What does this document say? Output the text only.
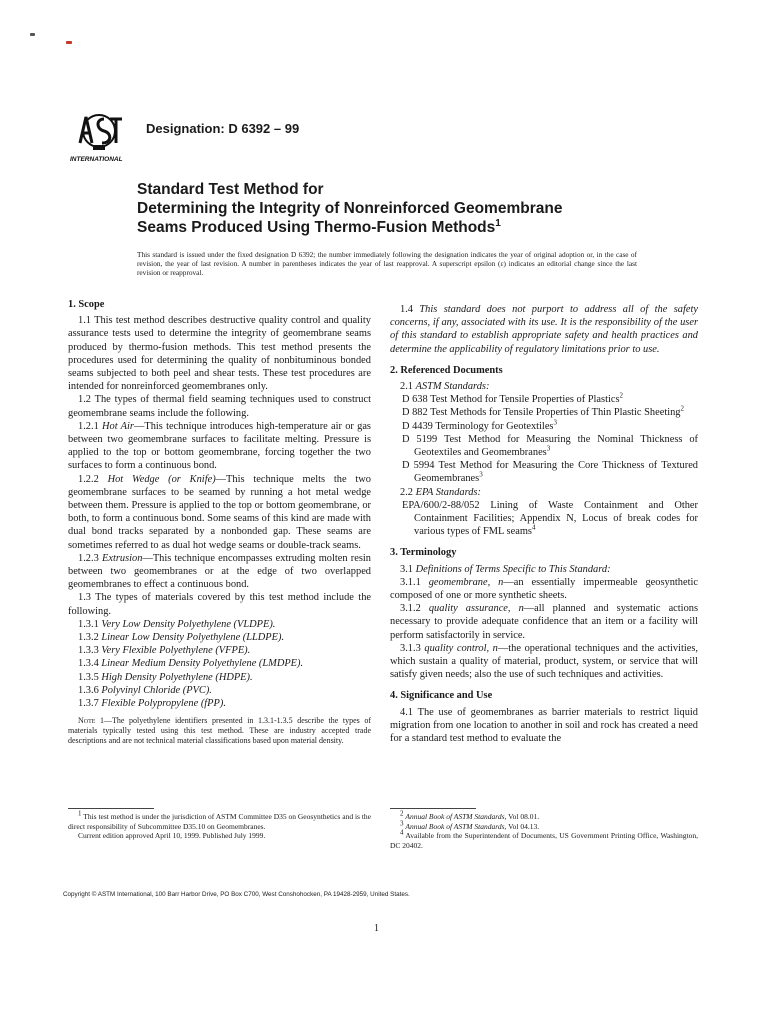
INTERNATIONAL
Designation: D 6392 – 99
Standard Test Method for
Determining the Integrity of Nonreinforced Geomembrane
Seams Produced Using Thermo-Fusion Methods$^1$
This standard is issued under the fixed designation D 6392; the number immediately following the designation indicates the year of original adoption or, in the case of revision, the year of last revision. A number in parentheses indicates the year of last reapproval. A superscript epsilon (ε) indicates an editorial change since the last revision or reapproval.

1. Scope

1.1 This test method describes destructive quality control and quality assurance tests used to determine the integrity of geomembrane seams produced by thermo-fusion methods. This test method presents the procedures used for determining the quality of nonbituminous bonded seams subjected to both peel and shear tests. These test procedures are intended for nonreinforced geomembranes only.

1.2 The types of thermal field seaming techniques used to construct geomembrane seams include the following.

1.2.1 Hot Air—This technique introduces high-temperature air or gas between two geomembrane surfaces to facilitate melting. Pressure is applied to the top or bottom geomembrane, forcing together the two surfaces to form a continuous bond.

1.2.2 Hot Wedge (or Knife)—This technique melts the two geomembrane surfaces to be seamed by running a hot metal wedge between them. Pressure is applied to the top or bottom geomembrane, or both, to form a continuous bond. Some seams of this kind are made with dual bond tracks separated by a nonbonded gap. These seams are sometimes referred to as dual hot wedge seams or double-track seams.

1.2.3 Extrusion—This technique encompasses extruding molten resin between two geomembranes or at the edge of two overlapped geomembranes to effect a continuous bond.

1.3 The types of materials covered by this test method include the following.

1.3.1 Very Low Density Polyethylene (VLDPE).

1.3.2 Linear Low Density Polyethylene (LLDPE).

1.3.3 Very Flexible Polyethylene (VFPE).

1.3.4 Linear Medium Density Polyethylene (LMDPE).

1.3.5 High Density Polyethylene (HDPE).

1.3.6 Polyvinyl Chloride (PVC).

1.3.7 Flexible Polypropylene (fPP).

Note 1—The polyethylene identifiers presented in 1.3.1-1.3.5 describe the types of materials typically tested using this test method. These are industry accepted trade descriptions and are not technical material classifications based upon material density.

1.4 This standard does not purport to address all of the safety concerns, if any, associated with its use. It is the responsibility of the user of this standard to establish appropriate safety and health practices and determine the applicability of regulatory limitations prior to use.

2. Referenced Documents

2.1 ASTM Standards:

D 638 Test Method for Tensile Properties of Plastics$^2$

D 882 Test Methods for Tensile Properties of Thin Plastic Sheeting$^2$

D 4439 Terminology for Geotextiles$^3$

D 5199 Test Method for Measuring the Nominal Thickness of Geotextiles and Geomembranes$^3$

D 5994 Test Method for Measuring the Core Thickness of Textured Geomembranes$^3$

2.2 EPA Standards:

EPA/600/2-88/052 Lining of Waste Containment and Other Containment Facilities; Appendix N, Locus of break codes for various types of FML seams$^4$

3. Terminology

3.1 Definitions of Terms Specific to This Standard:

3.1.1 geomembrane, n—an essentially impermeable geosynthetic composed of one or more synthetic sheets.

3.1.2 quality assurance, n—all planned and systematic actions necessary to provide adequate confidence that an item or a facility will perform satisfactorily in service.

3.1.3 quality control, n—the operational techniques and the activities, which sustain a quality of material, product, system, or service that will satisfy given needs; also the use of such techniques and activities.

4. Significance and Use

4.1 The use of geomembranes as barrier materials to restrict liquid migration from one location to another in soil and rock has created a need for a standard test method to evaluate the

$^1$ This test method is under the jurisdiction of ASTM Committee D35 on Geosynthetics and is the direct responsibility of Subcommittee D35.10 on Geomembranes.

Current edition approved April 10, 1999. Published July 1999.

$^2$ Annual Book of ASTM Standards, Vol 08.01.

$^3$ Annual Book of ASTM Standards, Vol 04.13.

$^4$ Available from the Superintendent of Documents, US Government Printing Office, Washington, DC 20402.

Copyright © ASTM International, 100 Barr Harbor Drive, PO Box C700, West Conshohocken, PA 19428-2959, United States.
1
